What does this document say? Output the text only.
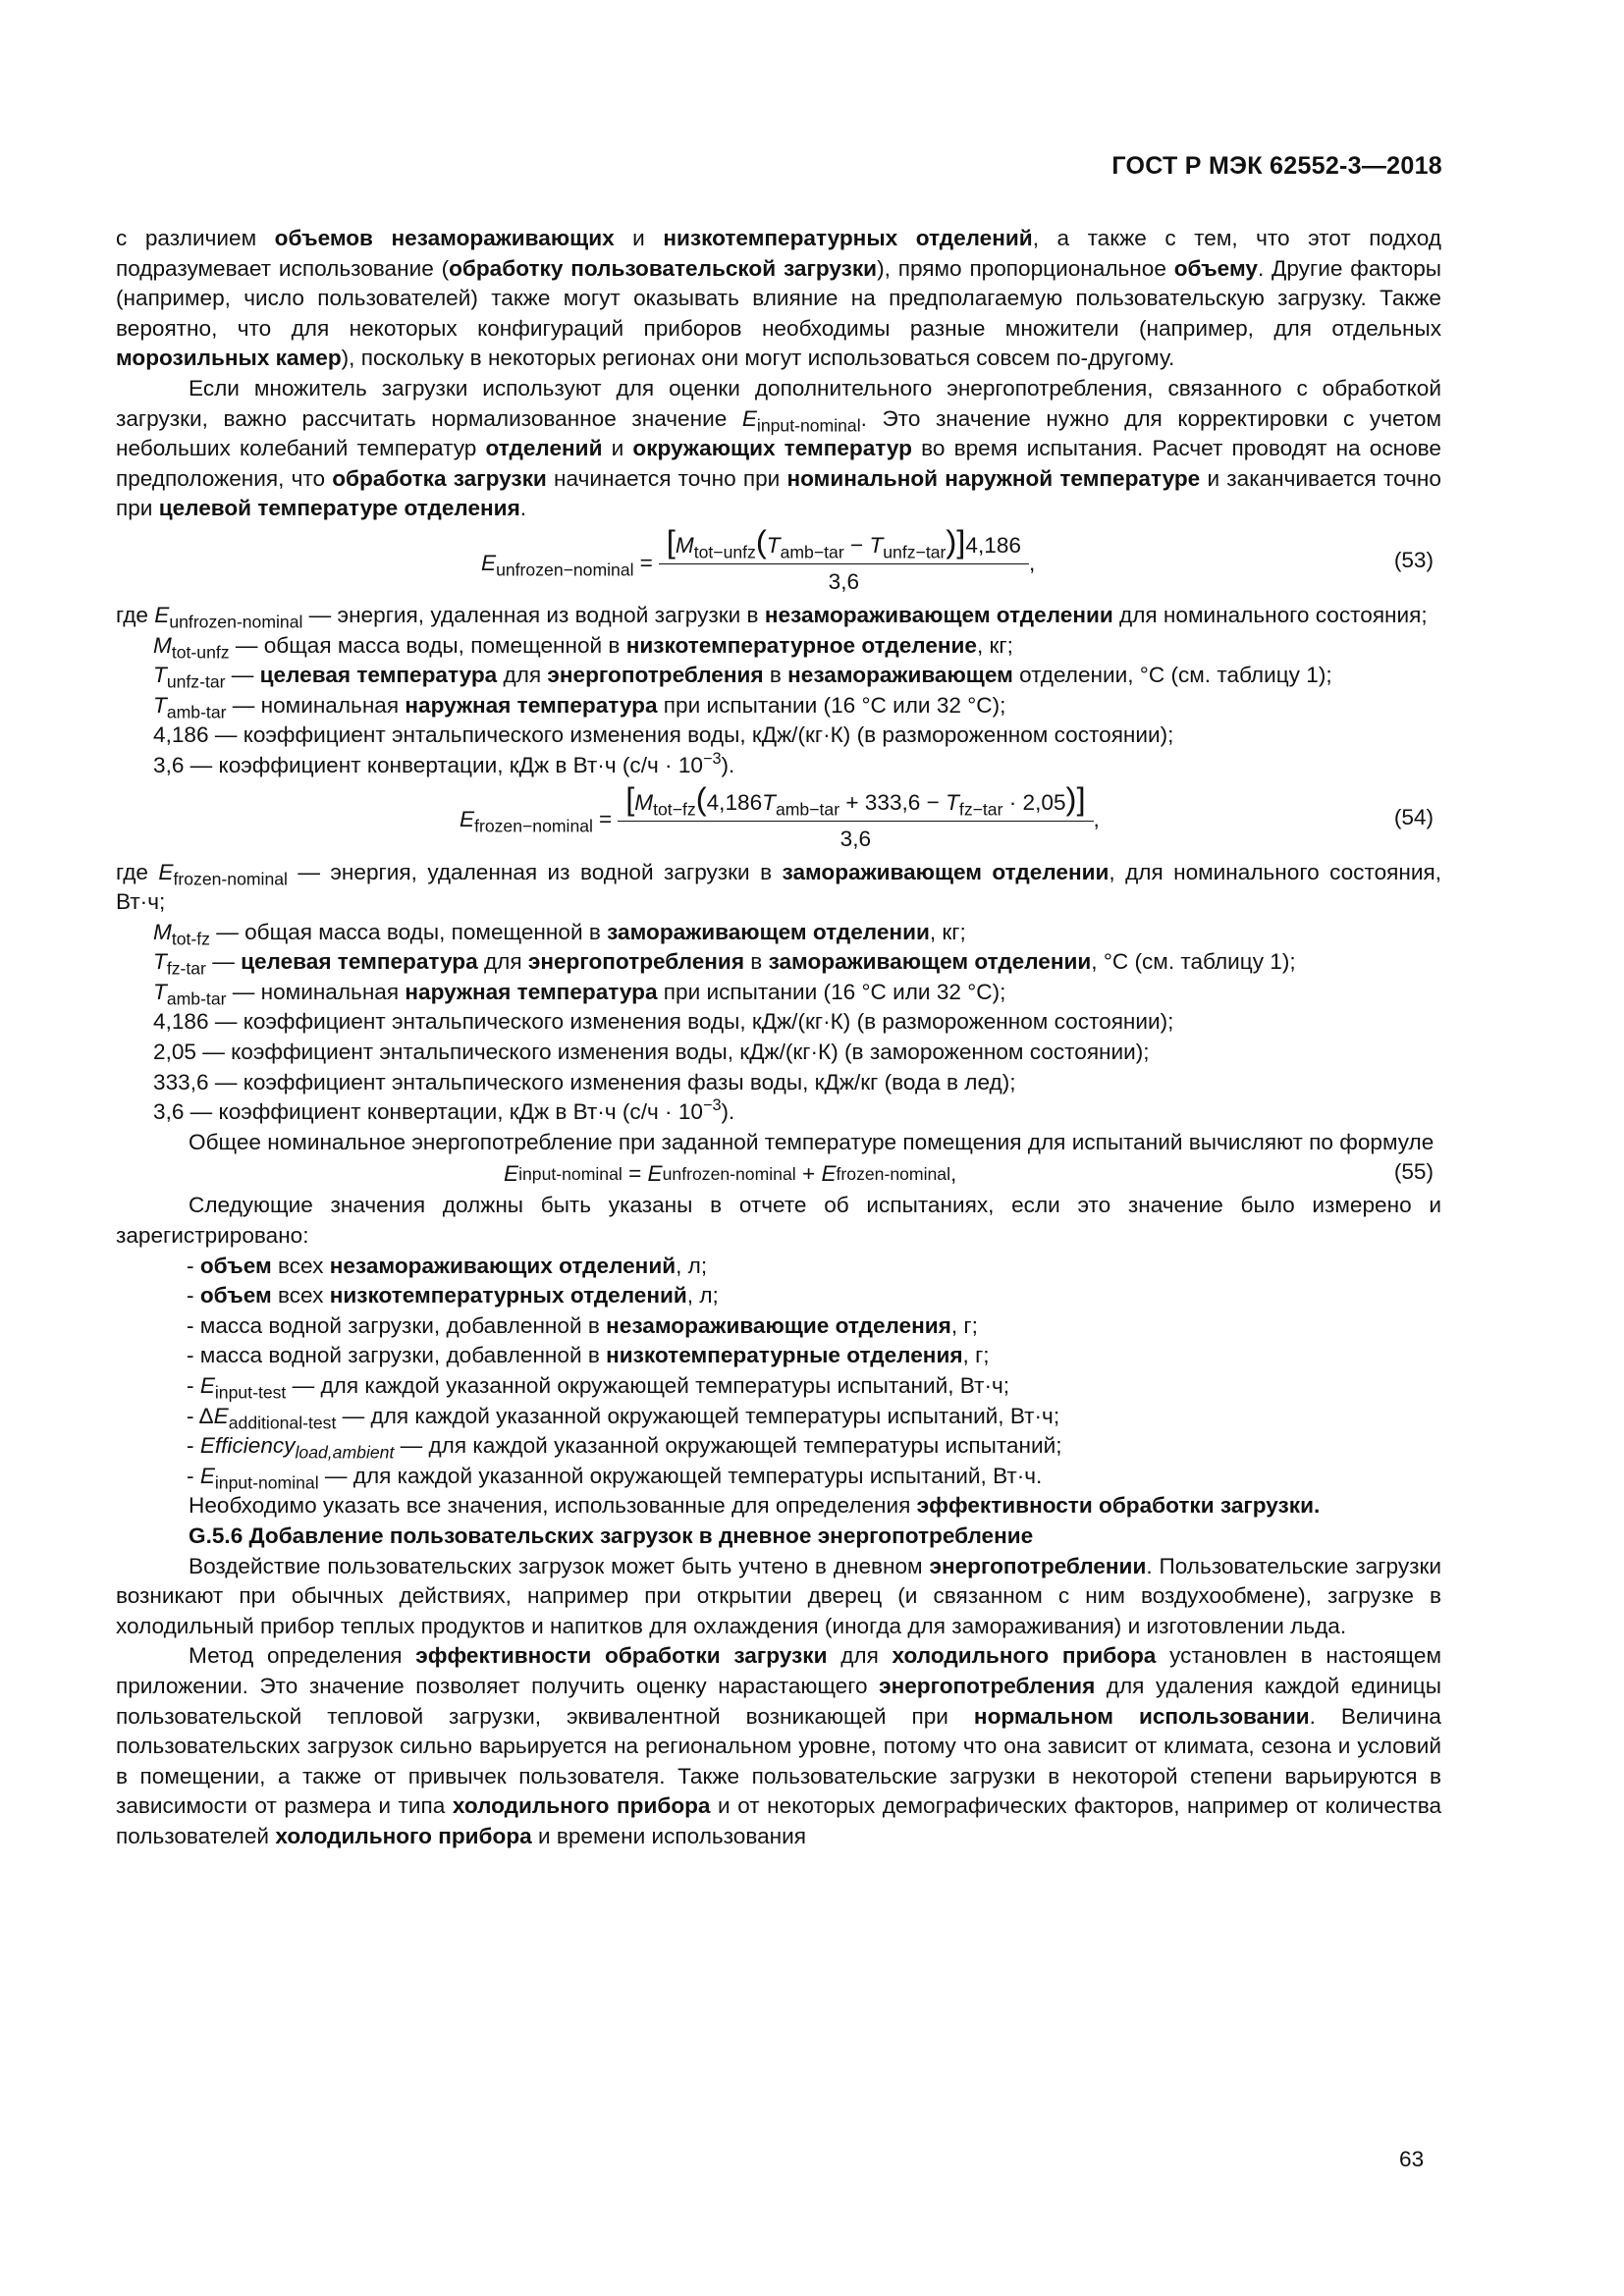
ГОСТ Р МЭК 62552-3—2018

с различием объемов незамораживающих и низкотемпературных отделений, а также с тем, что этот подход подразумевает использование (обработку пользовательской загрузки), прямо пропорциональное объему. Другие факторы (например, число пользователей) также могут оказывать влияние на предполагаемую пользовательскую загрузку. Также вероятно, что для некоторых конфигураций приборов необходимы разные множители (например, для отдельных морозильных камер), поскольку в некоторых регионах они могут использоваться совсем по-другому.

Если множитель загрузки используют для оценки дополнительного энергопотребления, связанного с обработкой загрузки, важно рассчитать нормализованное значение $E_{input-nominal}$. Это значение нужно для корректировки с учетом небольших колебаний температур отделений и окружающих температур во время испытания. Расчет проводят на основе предположения, что обработка загрузки начинается точно при номинальной наружной температуре и заканчивается точно при целевой температуре отделения.

$E_{unfrozen-nominal} = \frac{[M_{tot-unfz}(T_{amb-tar} - T_{unfz-tar})]4,186}{3,6}$ ,	(53)

где $E_{unfrozen-nominal}$ — энергия, удаленная из водной загрузки в незамораживающем отделении для номинального состояния;

$M_{tot-unfz}$ — общая масса воды, помещенной в низкотемпературное отделение, кг;

$T_{unfz-tar}$ — целевая температура для энергопотребления в незамораживающем отделении, °С (см. таблицу 1);

$T_{amb-tar}$ — номинальная наружная температура при испытании (16 °С или 32 °С);

4,186 — коэффициент энтальпического изменения воды, кДж/(кг·К) (в размороженном состоянии);

3,6 — коэффициент конвертации, кДж в Вт·ч $(с/ч \cdot 10^{-3})$.

$E_{frozen-nominal} = \frac{[M_{tot-fz}(4,186T_{amb-tar} + 333,6 - T_{fz-tar} \cdot 2,05)]}{3,6}$ ,	(54)

где $E_{frozen-nominal}$ — энергия, удаленная из водной загрузки в замораживающем отделении, для номинального состояния, Вт·ч;

$M_{tot-fz}$ — общая масса воды, помещенной в замораживающем отделении, кг;

$T_{fz-tar}$ — целевая температура для энергопотребления в замораживающем отделении, °С (см. таблицу 1);

$T_{amb-tar}$ — номинальная наружная температура при испытании (16 °С или 32 °С);

4,186 — коэффициент энтальпического изменения воды, кДж/(кг·К) (в размороженном состоянии);

2,05 — коэффициент энтальпического изменения воды, кДж/(кг·К) (в замороженном состоянии);

333,6 — коэффициент энтальпического изменения фазы воды, кДж/кг (вода в лед);

3,6 — коэффициент конвертации, кДж в Вт·ч $(с/ч \cdot 10^{-3})$.

Общее номинальное энергопотребление при заданной температуре помещения для испытаний вычисляют по формуле

E input-nominal = E unfrozen-nominal + E frozen-nominal ,	(55)

Следующие значения должны быть указаны в отчете об испытаниях, если это значение было измерено и зарегистрировано:

- объем всех незамораживающих отделений, л;

- объем всех низкотемпературных отделений, л;

- масса водной загрузки, добавленной в незамораживающие отделения, г;

- масса водной загрузки, добавленной в низкотемпературные отделения, г;

- $E_{input-test}$ — для каждой указанной окружающей температуры испытаний, Вт·ч;

- $\Delta E_{additional-test}$ — для каждой указанной окружающей температуры испытаний, Вт·ч;

- Efficiency$_{load,ambient}$ — для каждой указанной окружающей температуры испытаний;

- $E_{input-nominal}$ — для каждой указанной окружающей температуры испытаний, Вт·ч.

Необходимо указать все значения, использованные для определения эффективности обработки загрузки.

G.5.6 Добавление пользовательских загрузок в дневное энергопотребление

Воздействие пользовательских загрузок может быть учтено в дневном энергопотреблении. Пользовательские загрузки возникают при обычных действиях, например при открытии дверец (и связанном с ним воздухообмене), загрузке в холодильный прибор теплых продуктов и напитков для охлаждения (иногда для замораживания) и изготовлении льда.

Метод определения эффективности обработки загрузки для холодильного прибора установлен в настоящем приложении. Это значение позволяет получить оценку нарастающего энергопотребления для удаления каждой единицы пользовательской тепловой загрузки, эквивалентной возникающей при нормальном использовании. Величина пользовательских загрузок сильно варьируется на региональном уровне, потому что она зависит от климата, сезона и условий в помещении, а также от привычек пользователя. Также пользовательские загрузки в некоторой степени варьируются в зависимости от размера и типа холодильного прибора и от некоторых демографических факторов, например от количества пользователей холодильного прибора и времени использования

63
